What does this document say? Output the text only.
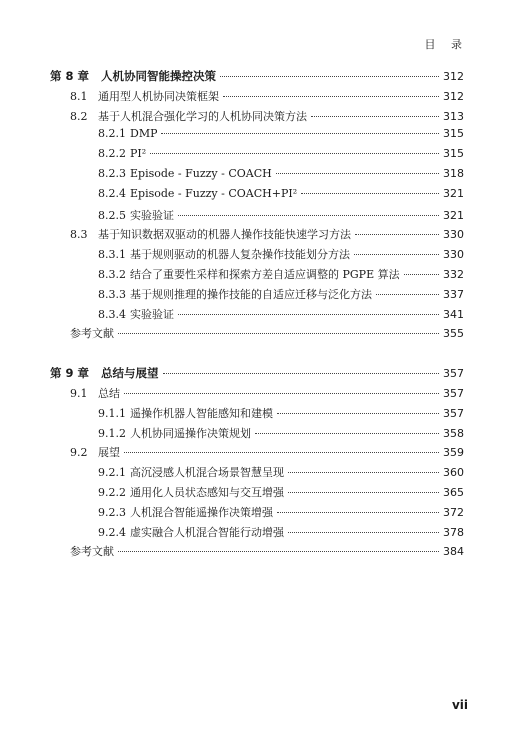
目 录
第 8 章 人机协同智能操控决策	312
8.1 通用型人机协同决策框架	312
8.2 基于人机混合强化学习的人机协同决策方法	313
8.2.1 DMP	315
8.2.2 PI²	315
8.2.3 Episode - Fuzzy - COACH	318
8.2.4 Episode - Fuzzy - COACH+PI²	321
8.2.5 实验验证	321
8.3 基于知识数据双驱动的机器人操作技能快速学习方法	330
8.3.1 基于规则驱动的机器人复杂操作技能划分方法	330
8.3.2 结合了重要性采样和探索方差自适应调整的 PGPE 算法	332
8.3.3 基于规则推理的操作技能的自适应迁移与泛化方法	337
8.3.4 实验验证	341
参考文献	355
第 9 章 总结与展望	357
9.1 总结	357
9.1.1 遥操作机器人智能感知和建模	357
9.1.2 人机协同遥操作决策规划	358
9.2 展望	359
9.2.1 高沉浸感人机混合场景智慧呈现	360
9.2.2 通用化人员状态感知与交互增强	365
9.2.3 人机混合智能遥操作决策增强	372
9.2.4 虚实融合人机混合智能行动增强	378
参考文献	384
vii
